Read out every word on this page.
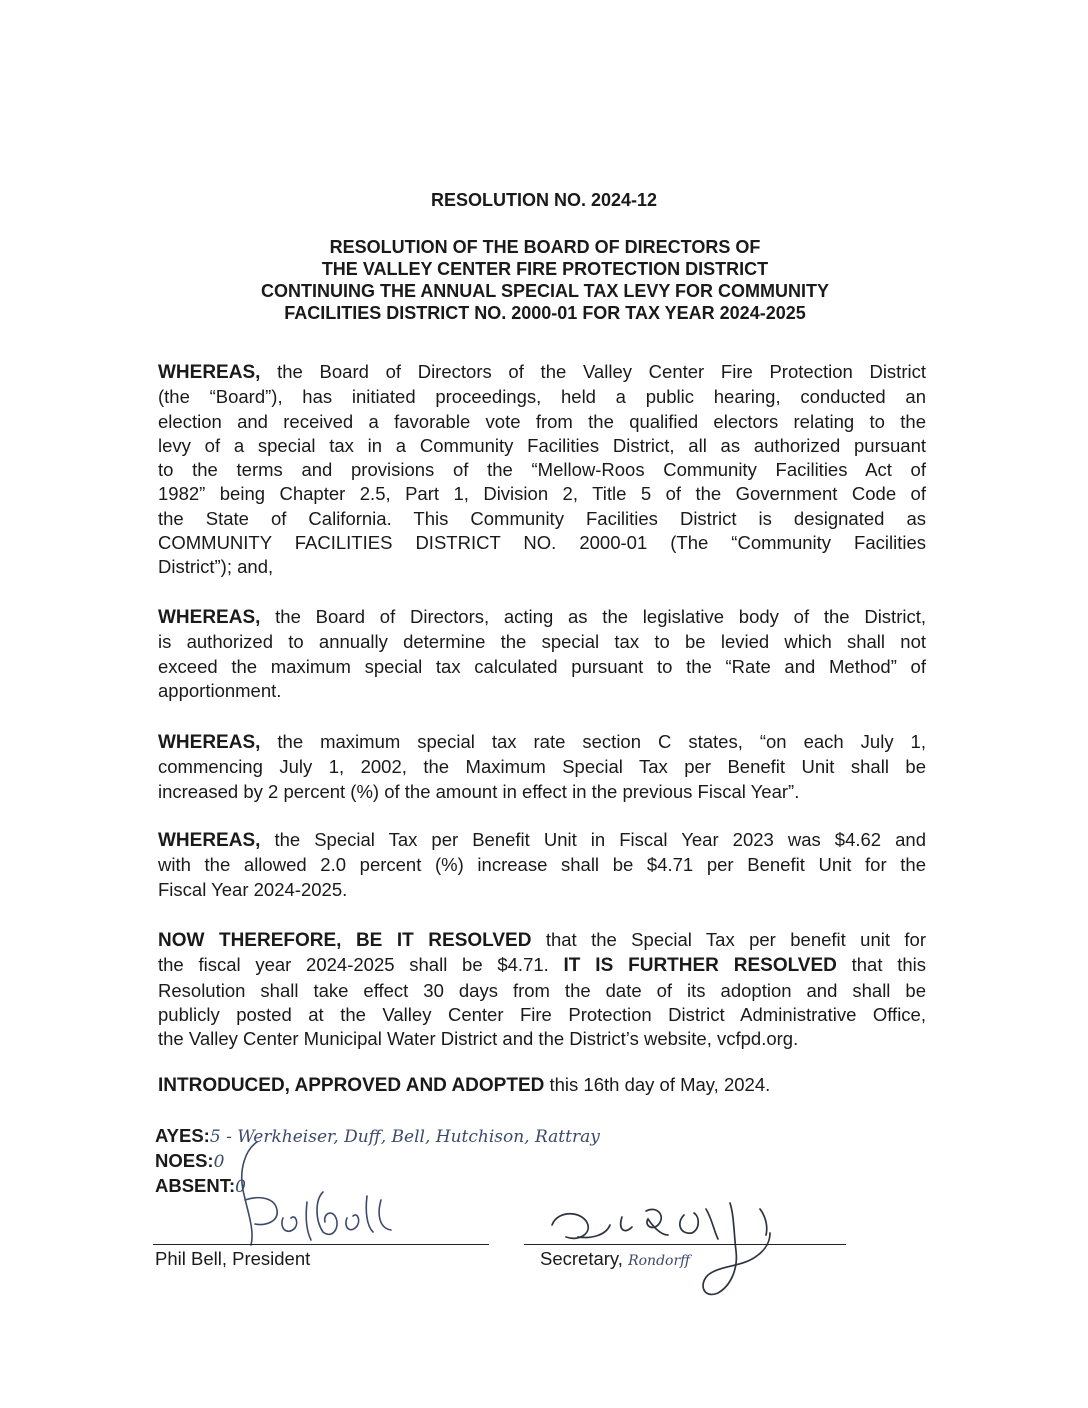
RESOLUTION NO. 2024-12
RESOLUTION OF THE BOARD OF DIRECTORS OF
THE VALLEY CENTER FIRE PROTECTION DISTRICT
CONTINUING THE ANNUAL SPECIAL TAX LEVY FOR COMMUNITY
FACILITIES DISTRICT NO. 2000-01 FOR TAX YEAR 2024-2025
WHEREAS, the Board of Directors of the Valley Center Fire Protection District
(the “Board”), has initiated proceedings, held a public hearing, conducted an
election and received a favorable vote from the qualified electors relating to the
levy of a special tax in a Community Facilities District, all as authorized pursuant
to the terms and provisions of the “Mellow-Roos Community Facilities Act of
1982” being Chapter 2.5, Part 1, Division 2, Title 5 of the Government Code of
the State of California. This Community Facilities District is designated as
COMMUNITY FACILITIES DISTRICT NO. 2000-01 (The “Community Facilities
District”); and,
WHEREAS, the Board of Directors, acting as the legislative body of the District,
is authorized to annually determine the special tax to be levied which shall not
exceed the maximum special tax calculated pursuant to the “Rate and Method” of
apportionment.
WHEREAS, the maximum special tax rate section C states, “on each July 1,
commencing July 1, 2002, the Maximum Special Tax per Benefit Unit shall be
increased by 2 percent (%) of the amount in effect in the previous Fiscal Year”.
WHEREAS, the Special Tax per Benefit Unit in Fiscal Year 2023 was $4.62 and
with the allowed 2.0 percent (%) increase shall be $4.71 per Benefit Unit for the
Fiscal Year 2024-2025.
NOW THEREFORE, BE IT RESOLVED that the Special Tax per benefit unit for
the fiscal year 2024-2025 shall be $4.71. IT IS FURTHER RESOLVED that this
Resolution shall take effect 30 days from the date of its adoption and shall be
publicly posted at the Valley Center Fire Protection District Administrative Office,
the Valley Center Municipal Water District and the District’s website, vcfpd.org.
INTRODUCED, APPROVED AND ADOPTED this 16th day of May, 2024.
AYES:5 - Werkheiser, Duff, Bell, Hutchison, Rattray
NOES:0
ABSENT:0
Phil Bell, President	Secretary, Rondorff
